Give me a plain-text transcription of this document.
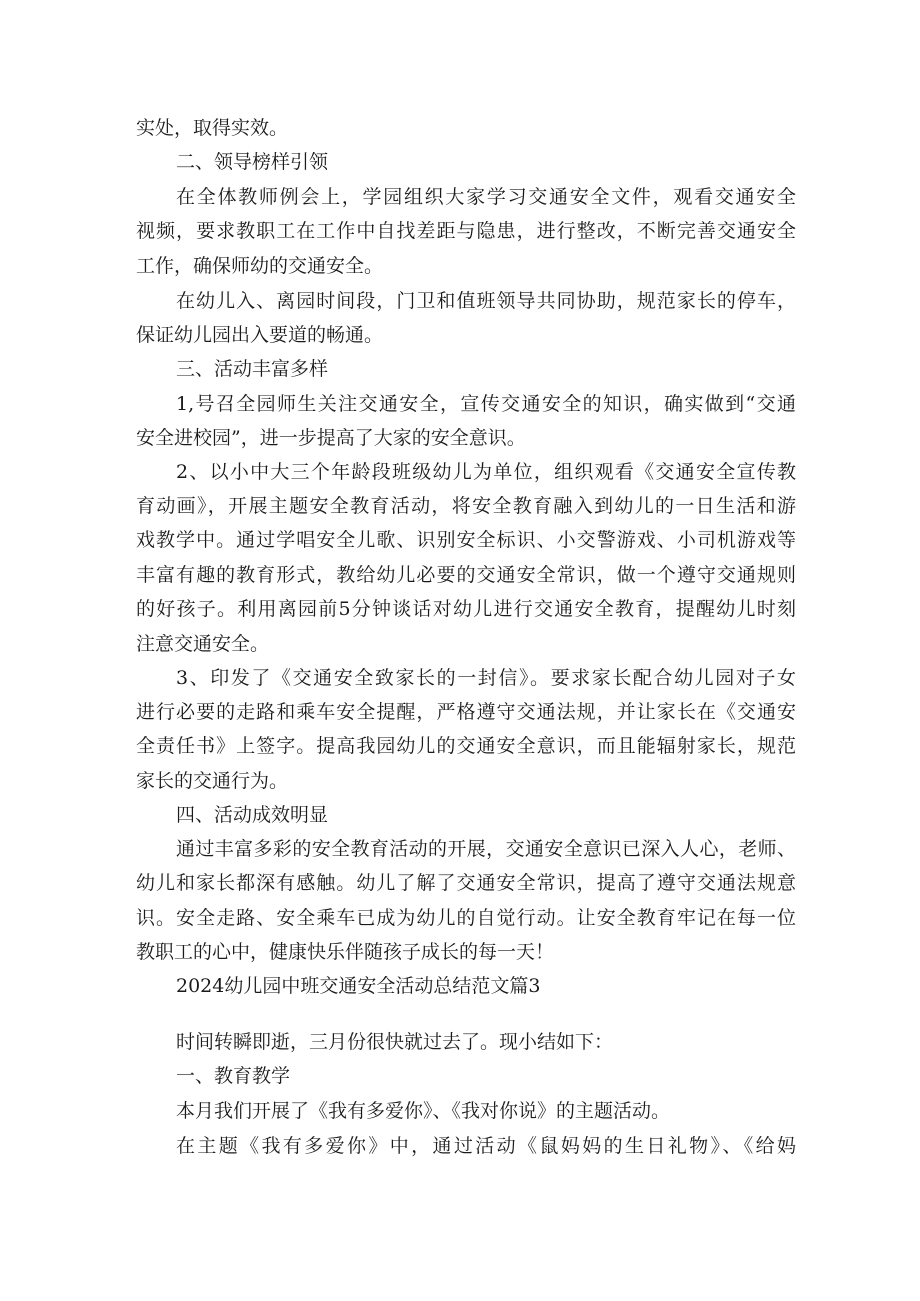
实处，取得实效。
二、领导榜样引领
在全体教师例会上，学园组织大家学习交通安全文件，观看交通安全
视频，要求教职工在工作中自找差距与隐患，进行整改，不断完善交通安全
工作，确保师幼的交通安全。
在幼儿入、离园时间段，门卫和值班领导共同协助，规范家长的停车，
保证幼儿园出入要道的畅通。
三、活动丰富多样
1,号召全园师生关注交通安全，宣传交通安全的知识，确实做到“交通
安全进校园”，进一步提高了大家的安全意识。
2、以小中大三个年龄段班级幼儿为单位，组织观看《交通安全宣传教
育动画》，开展主题安全教育活动，将安全教育融入到幼儿的一日生活和游
戏教学中。通过学唱安全儿歌、识别安全标识、小交警游戏、小司机游戏等
丰富有趣的教育形式，教给幼儿必要的交通安全常识，做一个遵守交通规则
的好孩子。利用离园前5分钟谈话对幼儿进行交通安全教育，提醒幼儿时刻
注意交通安全。
3、印发了《交通安全致家长的一封信》。要求家长配合幼儿园对子女
进行必要的走路和乘车安全提醒，严格遵守交通法规，并让家长在《交通安
全责任书》上签字。提高我园幼儿的交通安全意识，而且能辐射家长，规范
家长的交通行为。
四、活动成效明显
通过丰富多彩的安全教育活动的开展，交通安全意识已深入人心，老师、
幼儿和家长都深有感触。幼儿了解了交通安全常识，提高了遵守交通法规意
识。安全走路、安全乘车已成为幼儿的自觉行动。让安全教育牢记在每一位
教职工的心中，健康快乐伴随孩子成长的每一天！
2024幼儿园中班交通安全活动总结范文篇3
时间转瞬即逝，三月份很快就过去了。现小结如下：
一、教育教学
本月我们开展了《我有多爱你》、《我对你说》的主题活动。
在主题《我有多爱你》中，通过活动《鼠妈妈的生日礼物》、《给妈
